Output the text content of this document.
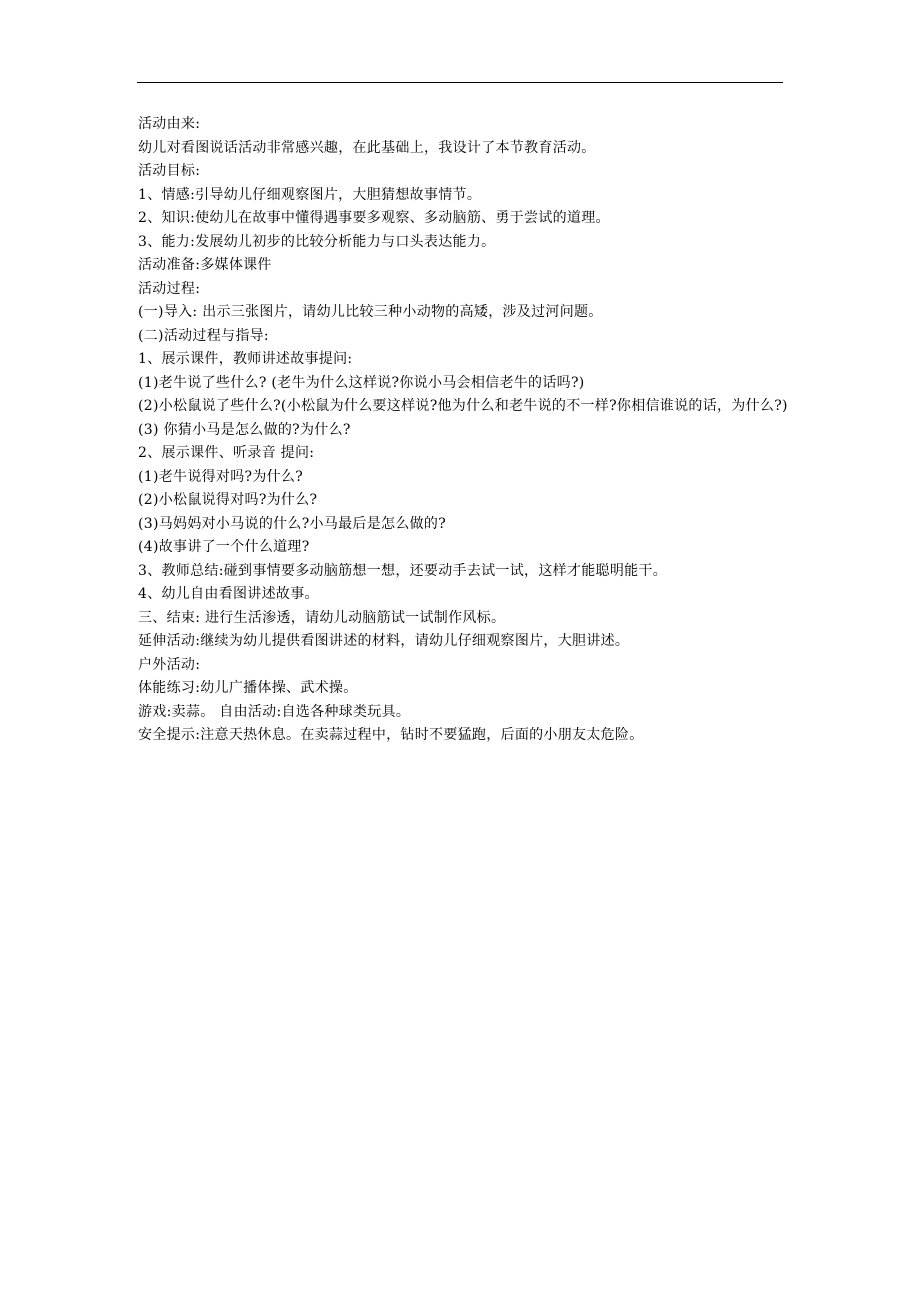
活动由来:
幼儿对看图说话活动非常感兴趣，在此基础上，我设计了本节教育活动。
活动目标:
1、情感:引导幼儿仔细观察图片，大胆猜想故事情节。
2、知识:使幼儿在故事中懂得遇事要多观察、多动脑筋、勇于尝试的道理。
3、能力:发展幼儿初步的比较分析能力与口头表达能力。
活动准备:多媒体课件
活动过程:
(一)导入: 出示三张图片，请幼儿比较三种小动物的高矮，涉及过河问题。
(二)活动过程与指导:
1、展示课件，教师讲述故事提问:
(1)老牛说了些什么? (老牛为什么这样说?你说小马会相信老牛的话吗?)
(2)小松鼠说了些什么?(小松鼠为什么要这样说?他为什么和老牛说的不一样?你相信谁说的话，为什么?)
(3) 你猜小马是怎么做的?为什么?
2、展示课件、听录音 提问:
(1)老牛说得对吗?为什么?
(2)小松鼠说得对吗?为什么?
(3)马妈妈对小马说的什么?小马最后是怎么做的?
(4)故事讲了一个什么道理?
3、教师总结:碰到事情要多动脑筋想一想，还要动手去试一试，这样才能聪明能干。
4、幼儿自由看图讲述故事。
三、结束: 进行生活渗透，请幼儿动脑筋试一试制作风标。
延伸活动:继续为幼儿提供看图讲述的材料，请幼儿仔细观察图片，大胆讲述。
户外活动:
体能练习:幼儿广播体操、武术操。
游戏:卖蒜。 自由活动:自选各种球类玩具。
安全提示:注意天热休息。在卖蒜过程中，钻时不要猛跑，后面的小朋友太危险。
